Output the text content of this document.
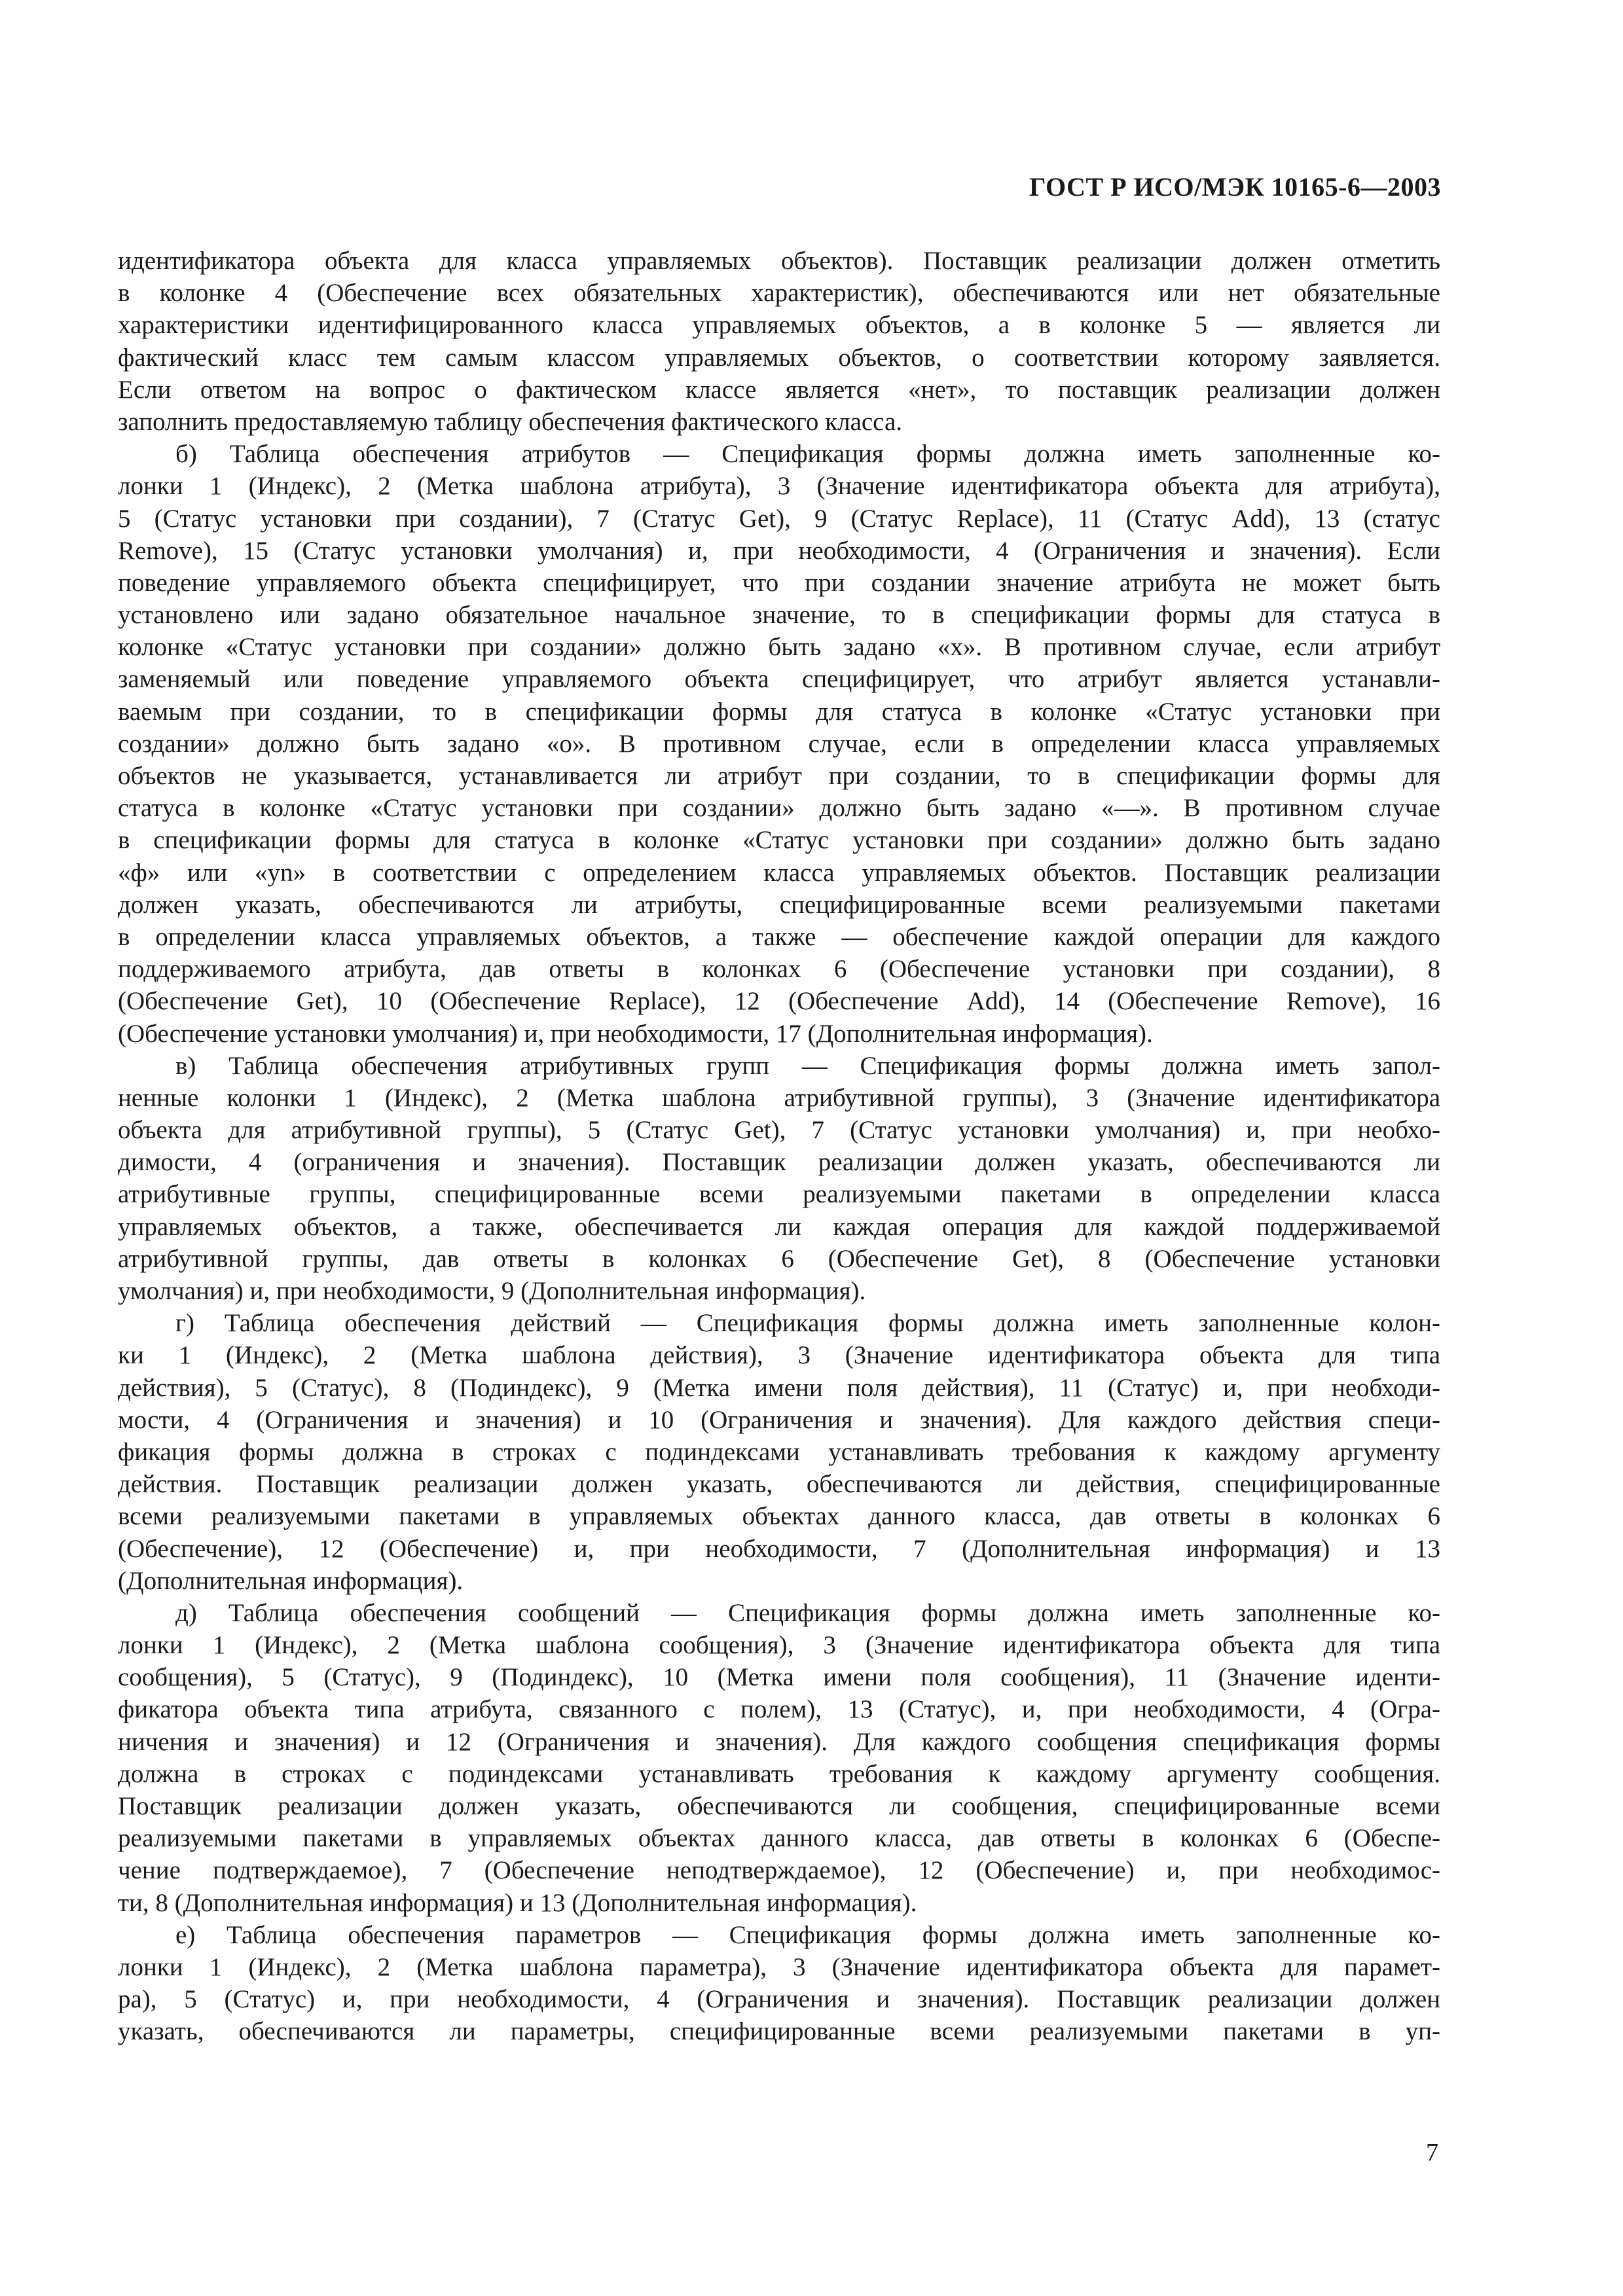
ГОСТ Р ИСО/МЭК 10165-6—2003
идентификатора объекта для класса управляемых объектов). Поставщик реализации должен отметить
в колонке 4 (Обеспечение всех обязательных характеристик), обеспечиваются или нет обязательные
характеристики идентифицированного класса управляемых объектов, а в колонке 5 — является ли
фактический класс тем самым классом управляемых объектов, о соответствии которому заявляется.
Если ответом на вопрос о фактическом классе является «нет», то поставщик реализации должен
заполнить предоставляемую таблицу обеспечения фактического класса.
б) Таблица обеспечения атрибутов — Спецификация формы должна иметь заполненные ко-
лонки 1 (Индекс), 2 (Метка шаблона атрибута), 3 (Значение идентификатора объекта для атрибута),
5 (Статус установки при создании), 7 (Статус Get), 9 (Статус Replace), 11 (Статус Add), 13 (статус
Remove), 15 (Статус установки умолчания) и, при необходимости, 4 (Ограничения и значения). Если
поведение управляемого объекта специфицирует, что при создании значение атрибута не может быть
установлено или задано обязательное начальное значение, то в спецификации формы для статуса в
колонке «Статус установки при создании» должно быть задано «х». В противном случае, если атрибут
заменяемый или поведение управляемого объекта специфицирует, что атрибут является устанавли-
ваемым при создании, то в спецификации формы для статуса в колонке «Статус установки при
создании» должно быть задано «о». В противном случае, если в определении класса управляемых
объектов не указывается, устанавливается ли атрибут при создании, то в спецификации формы для
статуса в колонке «Статус установки при создании» должно быть задано «—». В противном случае
в спецификации формы для статуса в колонке «Статус установки при создании» должно быть задано
«ф» или «yn» в соответствии с определением класса управляемых объектов. Поставщик реализации
должен указать, обеспечиваются ли атрибуты, специфицированные всеми реализуемыми пакетами
в определении класса управляемых объектов, а также — обеспечение каждой операции для каждого
поддерживаемого атрибута, дав ответы в колонках 6 (Обеспечение установки при создании), 8
(Обеспечение Get), 10 (Обеспечение Replace), 12 (Обеспечение Add), 14 (Обеспечение Remove), 16
(Обеспечение установки умолчания) и, при необходимости, 17 (Дополнительная информация).
в) Таблица обеспечения атрибутивных групп — Спецификация формы должна иметь запол-
ненные колонки 1 (Индекс), 2 (Метка шаблона атрибутивной группы), 3 (Значение идентификатора
объекта для атрибутивной группы), 5 (Статус Get), 7 (Статус установки умолчания) и, при необхо-
димости, 4 (ограничения и значения). Поставщик реализации должен указать, обеспечиваются ли
атрибутивные группы, специфицированные всеми реализуемыми пакетами в определении класса
управляемых объектов, а также, обеспечивается ли каждая операция для каждой поддерживаемой
атрибутивной группы, дав ответы в колонках 6 (Обеспечение Get), 8 (Обеспечение установки
умолчания) и, при необходимости, 9 (Дополнительная информация).
г) Таблица обеспечения действий — Спецификация формы должна иметь заполненные колон-
ки 1 (Индекс), 2 (Метка шаблона действия), 3 (Значение идентификатора объекта для типа
действия), 5 (Статус), 8 (Подиндекс), 9 (Метка имени поля действия), 11 (Статус) и, при необходи-
мости, 4 (Ограничения и значения) и 10 (Ограничения и значения). Для каждого действия специ-
фикация формы должна в строках с подиндексами устанавливать требования к каждому аргументу
действия. Поставщик реализации должен указать, обеспечиваются ли действия, специфицированные
всеми реализуемыми пакетами в управляемых объектах данного класса, дав ответы в колонках 6
(Обеспечение), 12 (Обеспечение) и, при необходимости, 7 (Дополнительная информация) и 13
(Дополнительная информация).
д) Таблица обеспечения сообщений — Спецификация формы должна иметь заполненные ко-
лонки 1 (Индекс), 2 (Метка шаблона сообщения), 3 (Значение идентификатора объекта для типа
сообщения), 5 (Статус), 9 (Подиндекс), 10 (Метка имени поля сообщения), 11 (Значение иденти-
фикатора объекта типа атрибута, связанного с полем), 13 (Статус), и, при необходимости, 4 (Огра-
ничения и значения) и 12 (Ограничения и значения). Для каждого сообщения спецификация формы
должна в строках с подиндексами устанавливать требования к каждому аргументу сообщения.
Поставщик реализации должен указать, обеспечиваются ли сообщения, специфицированные всеми
реализуемыми пакетами в управляемых объектах данного класса, дав ответы в колонках 6 (Обеспе-
чение подтверждаемое), 7 (Обеспечение неподтверждаемое), 12 (Обеспечение) и, при необходимос-
ти, 8 (Дополнительная информация) и 13 (Дополнительная информация).
е) Таблица обеспечения параметров — Спецификация формы должна иметь заполненные ко-
лонки 1 (Индекс), 2 (Метка шаблона параметра), 3 (Значение идентификатора объекта для парамет-
ра), 5 (Статус) и, при необходимости, 4 (Ограничения и значения). Поставщик реализации должен
указать, обеспечиваются ли параметры, специфицированные всеми реализуемыми пакетами в уп-
7
